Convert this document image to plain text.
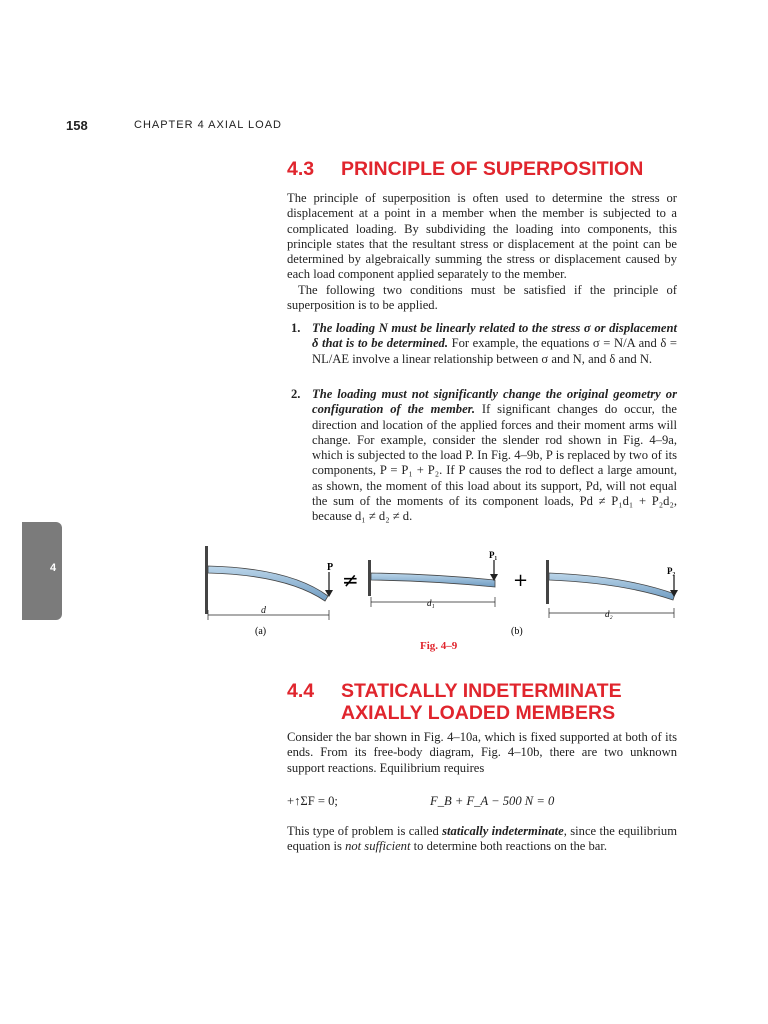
158	CHAPTER 4 AXIAL LOAD
4
4.3 PRINCIPLE OF SUPERPOSITION
The principle of superposition is often used to determine the stress or displacement at a point in a member when the member is subjected to a complicated loading. By subdividing the loading into components, this principle states that the resultant stress or displacement at the point can be determined by algebraically summing the stress or displacement caused by each load component applied separately to the member.
The following two conditions must be satisfied if the principle of superposition is to be applied.
1. The loading N must be linearly related to the stress σ or displacement δ that is to be determined. For example, the equations σ = N/A and δ = NL/AE involve a linear relationship between σ and N, and δ and N.
2. The loading must not significantly change the original geometry or configuration of the member. If significant changes do occur, the direction and location of the applied forces and their moment arms will change. For example, consider the slender rod shown in Fig. 4–9a, which is subjected to the load P. In Fig. 4–9b, P is replaced by two of its components, P = P₁ + P₂. If P causes the rod to deflect a large amount, as shown, the moment of this load about its support, Pd, will not equal the sum of the moments of its component loads, Pd ≠ P₁d₁ + P₂d₂, because d₁ ≠ d₂ ≠ d.
P
d
≠
P₁
d₁
+	P₂
d₂
(a)	(b)
Fig. 4–9
4.4 STATICALLY INDETERMINATE
AXIALLY LOADED MEMBERS
Consider the bar shown in Fig. 4–10a, which is fixed supported at both of its ends. From its free-body diagram, Fig. 4–10b, there are two unknown support reactions. Equilibrium requires
+↑ΣF = 0;	F_B + F_A − 500 N = 0
This type of problem is called statically indeterminate, since the equilibrium equation is not sufficient to determine both reactions on the bar.
